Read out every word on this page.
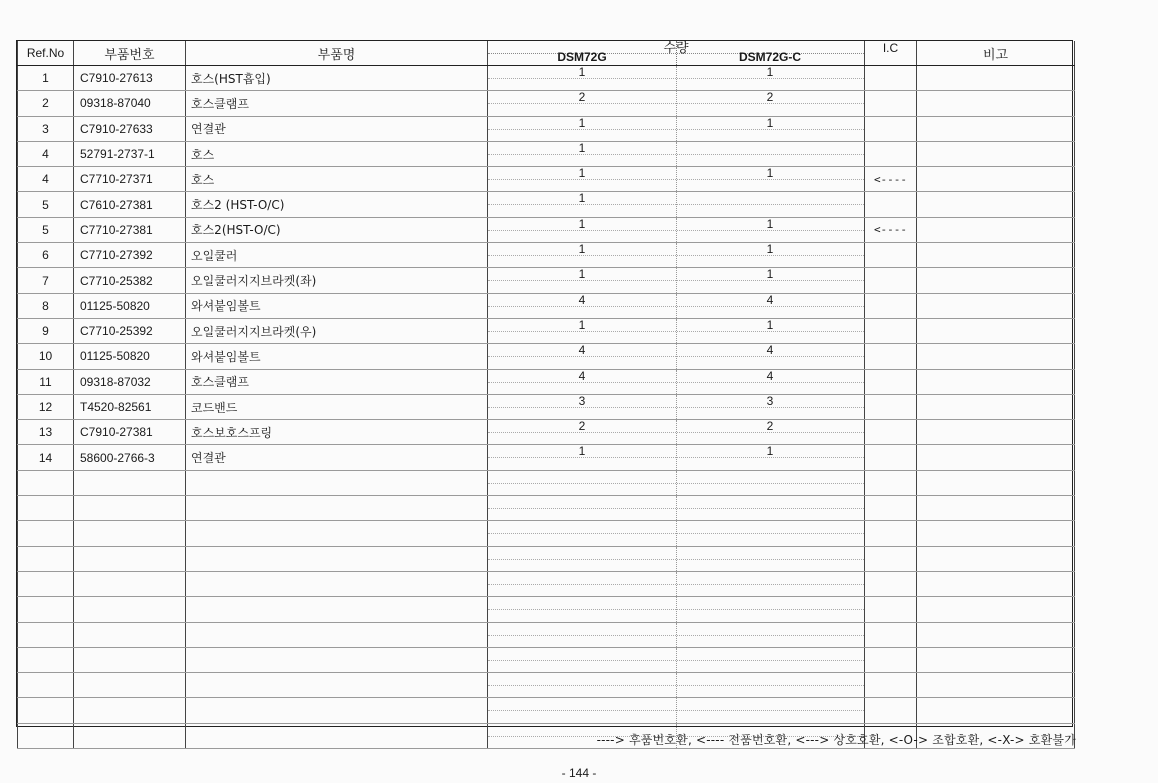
Ref.No	부품번호	부품명	수량
DSM72G DSM72G-C	I.C	비고
1	C7910-27613	호스(HST흡입)	1 1		

2	09318-87040	호스클램프	2 2		

3	C7910-27633	연결관	1 1		

4	52791-2737-1	호스	1		

4	C7710-27371	호스	1 1	<----	
5	C7610-27381	호스2 (HST-O/C)	1		

5	C7710-27381	호스2(HST-O/C)	1 1	<----	
6	C7710-27392	오일쿨러	1 1		

7	C7710-25382	오일쿨러지지브라켓(좌)	1 1		

8	01125-50820	와셔붙임볼트	4 4		

9	C7710-25392	오일쿨러지지브라켓(우)	1 1		

10	01125-50820	와셔붙임볼트	4 4		

11	09318-87032	호스클램프	4 4		

12	T4520-82561	코드밴드	3 3		

13	C7910-27381	호스보호스프링	2 2		

14	58600-2766-3	연결관	1 1		

----> 후품번호환, <---- 전품번호환, <---> 상호호환, <-O-> 조합호환, <-X-> 호환불가
- 144 -
